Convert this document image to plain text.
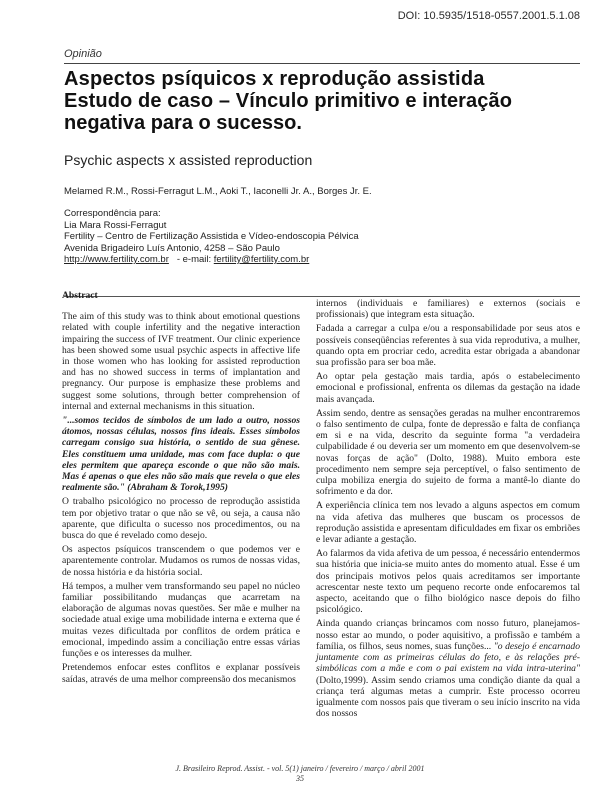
DOI: 10.5935/1518-0557.2001.5.1.08
Opinião
Aspectos psíquicos x reprodução assistida
Estudo de caso – Vínculo primitivo e interação
negativa para o sucesso.
Psychic aspects x assisted reproduction
Melamed R.M., Rossi-Ferragut L.M., Aoki T., Iaconelli Jr. A., Borges Jr. E.
Correspondência para:
Lia Mara Rossi-Ferragut
Fertility – Centro de Fertilização Assistida e Vídeo-endoscopia Pélvica
Avenida Brigadeiro Luís Antonio, 4258 – São Paulo
http://www.fertility.com.br - e-mail: fertility@fertility.com.br
Abstract

The aim of this study was to think about emotional questions related with couple infertility and the negative interaction impairing the success of IVF treatment. Our clinic experience has been showed some usual psychic aspects in affective life in those women who has looking for assisted reproduction and has no showed success in terms of implantation and pregnancy. Our purpose is emphasize these problems and suggest some solutions, through better comprehension of internal and external mechanisms in this situation.

"...somos tecidos de símbolos de um lado a outro, nossos átomos, nossas células, nossos fins ideais. Esses símbolos carregam consigo sua história, o sentido de sua gênese. Eles constituem uma unidade, mas com face dupla: o que eles permitem que apareça esconde o que não são mais. Mas é apenas o que eles não são mais que revela o que eles realmente são." (Abraham & Torok,1995)

O trabalho psicológico no processo de reprodução assistida tem por objetivo tratar o que não se vê, ou seja, a causa não aparente, que dificulta o sucesso nos procedimentos, ou na busca do que é revelado como desejo.

Os aspectos psíquicos transcendem o que podemos ver e aparentemente controlar. Mudamos os rumos de nossas vidas, de nossa história e da história social.

Há tempos, a mulher vem transformando seu papel no núcleo familiar possibilitando mudanças que acarretam na elaboração de algumas novas questões. Ser mãe e mulher na sociedade atual exige uma mobilidade interna e externa que é muitas vezes dificultada por conflitos de ordem prática e emocional, impedindo assim a conciliação entre essas várias funções e os interesses da mulher.

Pretendemos enfocar estes conflitos e explanar possíveis saídas, através de uma melhor compreensão dos mecanismos

internos (individuais e familiares) e externos (sociais e profissionais) que integram esta situação.

Fadada a carregar a culpa e/ou a responsabilidade por seus atos e possíveis conseqüências referentes à sua vida reprodutiva, a mulher, quando opta em procriar cedo, acredita estar obrigada a abandonar sua profissão para ser boa mãe.

Ao optar pela gestação mais tardia, após o estabelecimento emocional e profissional, enfrenta os dilemas da gestação na idade mais avançada.

Assim sendo, dentre as sensações geradas na mulher encontraremos o falso sentimento de culpa, fonte de depressão e falta de confiança em si e na vida, descrito da seguinte forma "a verdadeira culpabilidade é ou deveria ser um momento em que desenvolvem-se novas forças de ação" (Dolto, 1988). Muito embora este procedimento nem sempre seja perceptível, o falso sentimento de culpa mobiliza energia do sujeito de forma a mantê-lo diante do sofrimento e da dor.

A experiência clínica tem nos levado a alguns aspectos em comum na vida afetiva das mulheres que buscam os processos de reprodução assistida e apresentam dificuldades em fixar os embriões e levar adiante a gestação.

Ao falarmos da vida afetiva de um pessoa, é necessário entendermos sua história que inicia-se muito antes do momento atual. Esse é um dos principais motivos pelos quais acreditamos ser importante acrescentar neste texto um pequeno recorte onde enfocaremos tal aspecto, aceitando que o filho biológico nasce depois do filho psicológico.

Ainda quando crianças brincamos com nosso futuro, planejamos-nosso estar ao mundo, o poder aquisitivo, a profissão e também a família, os filhos, seus nomes, suas funções... "o desejo é encarnado juntamente com as primeiras células do feto, e às relações pré-simbólicas com a mãe e com o pai existem na vida intra-uterina" (Dolto,1999). Assim sendo criamos uma condição diante da qual a criança terá algumas metas a cumprir. Este processo ocorreu igualmente com nossos pais que tiveram o seu início inscrito na vida dos nossos

J. Brasileiro Reprod. Assist. - vol. 5(1) janeiro / fevereiro / março / abril 2001
35
